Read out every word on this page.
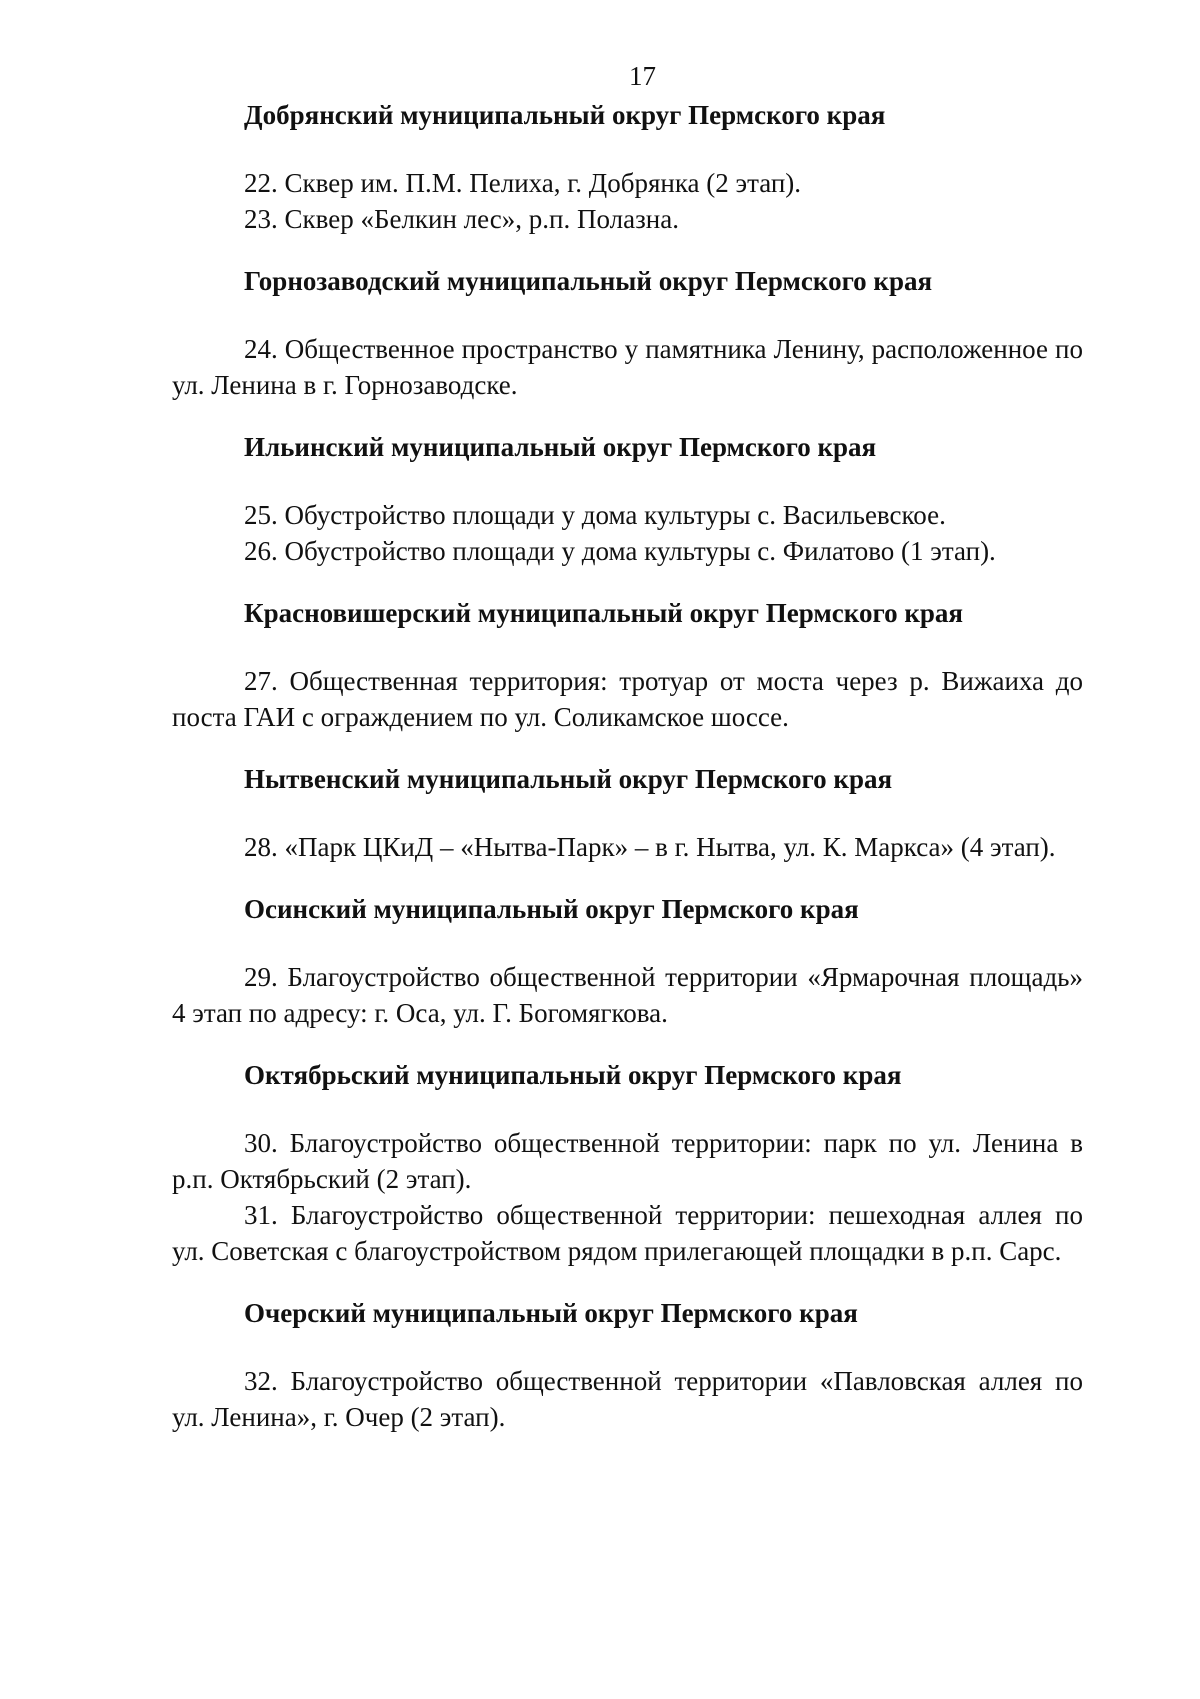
17
Добрянский муниципальный округ Пермского края

22. Сквер им. П.М. Пелиха, г. Добрянка (2 этап).

23. Сквер «Белкин лес», р.п. Полазна.

Горнозаводский муниципальный округ Пермского края

24. Общественное пространство у памятника Ленину, расположенное по ул. Ленина в г. Горнозаводске.

Ильинский муниципальный округ Пермского края

25. Обустройство площади у дома культуры с. Васильевское.

26. Обустройство площади у дома культуры с. Филатово (1 этап).

Красновишерский муниципальный округ Пермского края

27. Общественная территория: тротуар от моста через р. Вижаиха до поста ГАИ с ограждением по ул. Соликамское шоссе.

Нытвенский муниципальный округ Пермского края

28. «Парк ЦКиД – «Нытва-Парк» – в г. Нытва, ул. К. Маркса» (4 этап).

Осинский муниципальный округ Пермского края

29. Благоустройство общественной территории «Ярмарочная площадь» 4 этап по адресу: г. Оса, ул. Г. Богомягкова.

Октябрьский муниципальный округ Пермского края

30. Благоустройство общественной территории: парк по ул. Ленина в р.п. Октябрьский (2 этап).

31. Благоустройство общественной территории: пешеходная аллея по ул. Советская с благоустройством рядом прилегающей площадки в р.п. Сарс.

Очерский муниципальный округ Пермского края

32. Благоустройство общественной территории «Павловская аллея по ул. Ленина», г. Очер (2 этап).
